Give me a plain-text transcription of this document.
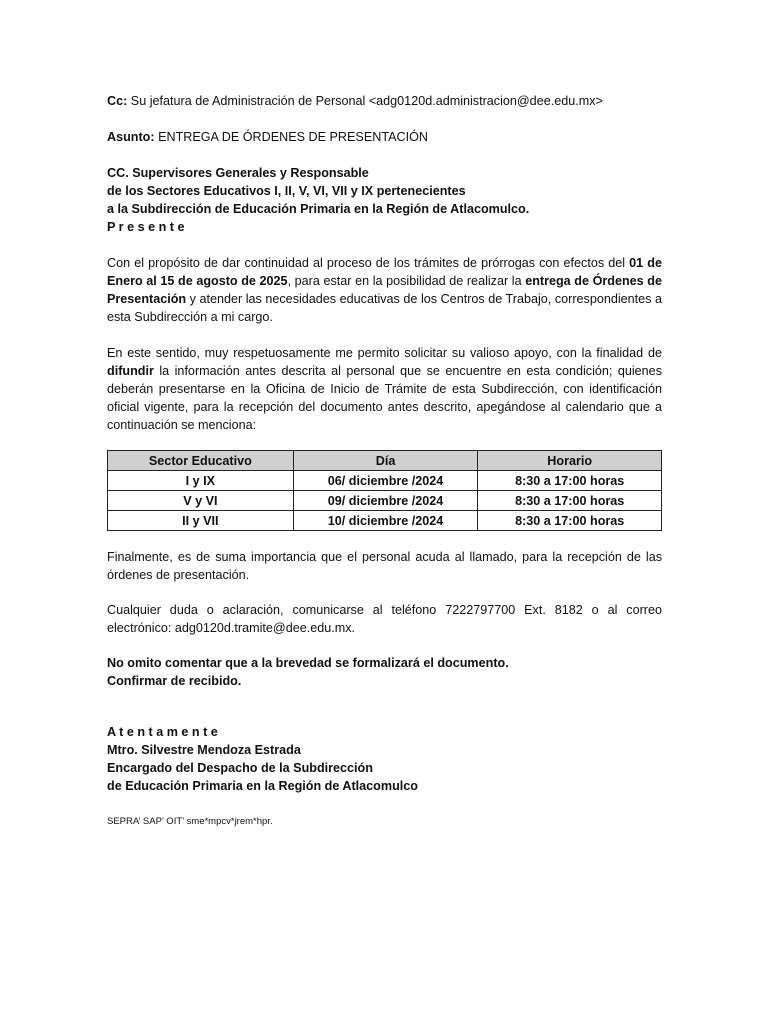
Cc: Su jefatura de Administración de Personal <adg0120d.administracion@dee.edu.mx>

Asunto: ENTREGA DE ÓRDENES DE PRESENTACIÓN

CC. Supervisores Generales y Responsable

de los Sectores Educativos I, II, V, VI, VII y IX pertenecientes

a la Subdirección de Educación Primaria en la Región de Atlacomulco.

P r e s e n t e

Con el propósito de dar continuidad al proceso de los trámites de prórrogas con efectos del 01 de Enero al 15 de agosto de 2025, para estar en la posibilidad de realizar la entrega de Órdenes de Presentación y atender las necesidades educativas de los Centros de Trabajo, correspondientes a esta Subdirección a mi cargo.

En este sentido, muy respetuosamente me permito solicitar su valioso apoyo, con la finalidad de difundir la información antes descrita al personal que se encuentre en esta condición; quienes deberán presentarse en la Oficina de Inicio de Trámite de esta Subdirección, con identificación oficial vigente, para la recepción del documento antes descrito, apegándose al calendario que a continuación se menciona:

Sector Educativo	Día	Horario
I y IX	06/ diciembre /2024	8:30 a 17:00 horas
V y VI	09/ diciembre /2024	8:30 a 17:00 horas
II y VII	10/ diciembre /2024	8:30 a 17:00 horas

Finalmente, es de suma importancia que el personal acuda al llamado, para la recepción de las órdenes de presentación.

Cualquier duda o aclaración, comunicarse al teléfono 7222797700 Ext. 8182 o al correo electrónico: adg0120d.tramite@dee.edu.mx.

No omito comentar que a la brevedad se formalizará el documento.

Confirmar de recibido.

A t e n t a m e n t e

Mtro. Silvestre Mendoza Estrada

Encargado del Despacho de la Subdirección

de Educación Primaria en la Región de Atlacomulco

SEPRA’ SAP’ OIT’ sme*mpcv*jrem*hpr.
